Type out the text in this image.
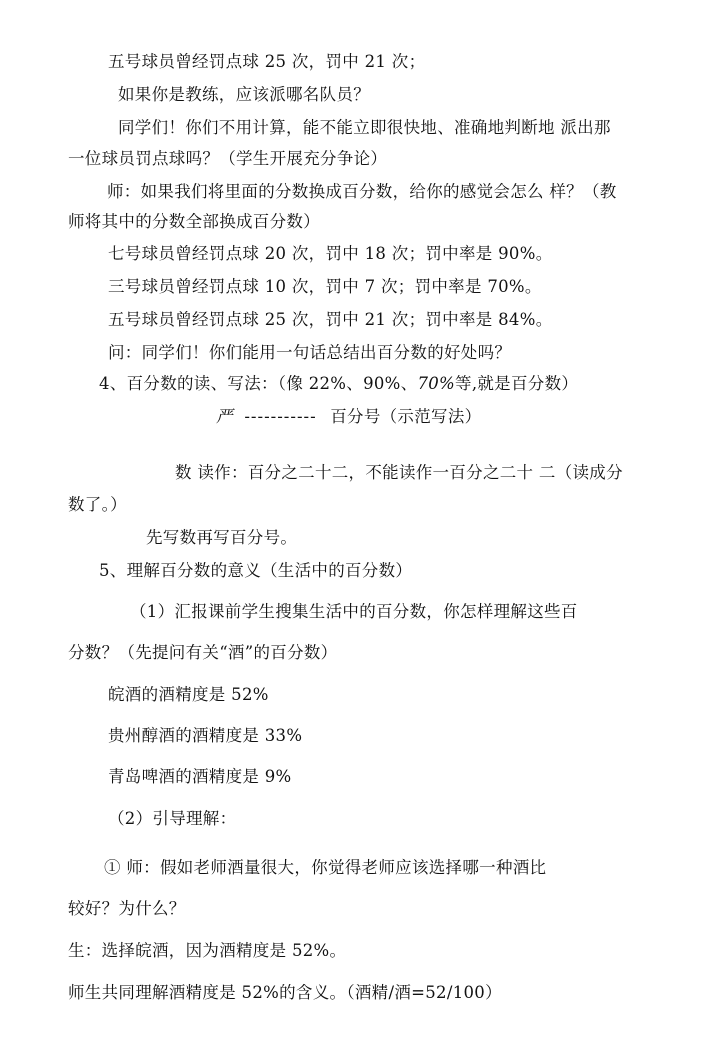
五号球员曾经罚点球 25 次，罚中 21 次；
如果你是教练，应该派哪名队员？
同学们！你们不用计算，能不能立即很快地、准确地判断地 派出那
一位球员罚点球吗？（学生开展充分争论）
师：如果我们将里面的分数换成百分数，给你的感觉会怎么 样？（教
师将其中的分数全部换成百分数）
七号球员曾经罚点球 20 次，罚中 18 次；罚中率是 90%。
三号球员曾经罚点球 10 次，罚中 7 次；罚中率是 70%。
五号球员曾经罚点球 25 次，罚中 21 次；罚中率是 84%。
问：同学们！你们能用一句话总结出百分数的好处吗？
4、百分数的读、写法：（像 22%、90%、70%等,就是百分数）
严 ----------- 百分号（示范写法）
数 读作：百分之二十二，不能读作一百分之二十 二（读成分
数了。）
先写数再写百分号。
5、理解百分数的意义（生活中的百分数）
（1）汇报课前学生搜集生活中的百分数，你怎样理解这些百
分数？（先提问有关“酒”的百分数）
皖酒的酒精度是 52%
贵州醇酒的酒精度是 33%
青岛啤酒的酒精度是 9%
（2）引导理解：
① 师：假如老师酒量很大，你觉得老师应该选择哪一种酒比
较好？为什么？
生：选择皖酒，因为酒精度是 52%。
师生共同理解酒精度是 52%的含义。（酒精/酒=52/100）
